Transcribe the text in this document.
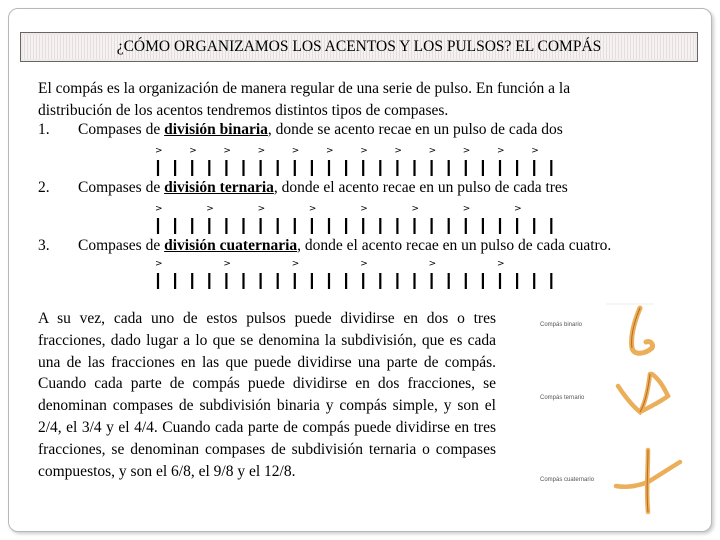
¿CÓMO ORGANIZAMOS LOS ACENTOS Y LOS PULSOS? EL COMPÁS
El compás es la organización de manera regular de una serie de pulso. En función a la
distribución de los acentos tendremos distintos tipos de compases.
1. Compases de división binaria, donde se acento recae en un pulso de cada dos
2. Compases de división ternaria, donde el acento recae en un pulso de cada tres
3. Compases de división cuaternaria, donde el acento recae en un pulso de cada cuatro.
>	>	>	>	>	>	>	>	>	>	>	>
>	>	>	>	>	>	>	>
>	>	>	>	>	>
A su vez, cada uno de estos pulsos puede dividirse en dos o tres fracciones, dado lugar a lo que se denomina la subdivisión, que es cada una de las fracciones en las que puede dividirse una parte de compás. Cuando cada parte de compás puede dividirse en dos fracciones, se denominan compases de subdivisión binaria y compás simple, y son el 2/4, el 3/4 y el 4/4. Cuando cada parte de compás puede dividirse en tres fracciones, se denominan compases de subdivisión ternaria o compases compuestos, y son el 6/8, el 9/8 y el 12/8.
Compás binario
Compás ternario
Compás cuaternario
